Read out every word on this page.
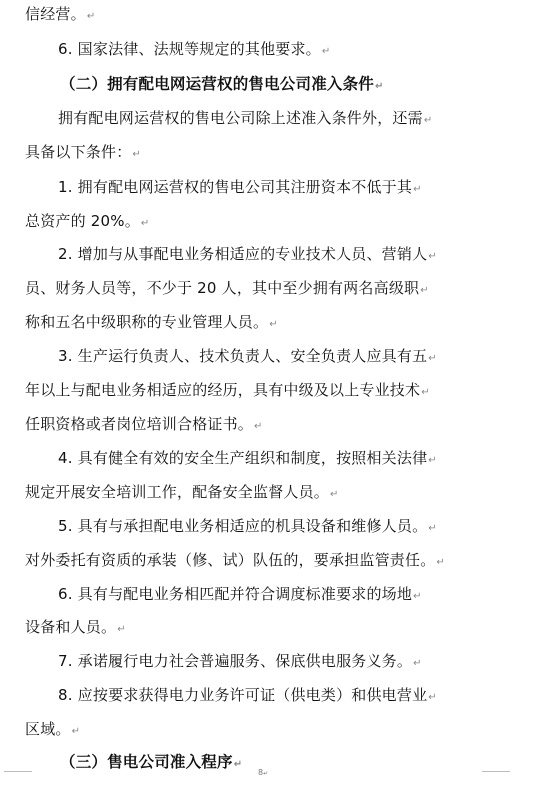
信经营。↵
6. 国家法律、法规等规定的其他要求。↵
（二）拥有配电网运营权的售电公司准入条件↵
拥有配电网运营权的售电公司除上述准入条件外，还需↵
具备以下条件：↵
1. 拥有配电网运营权的售电公司其注册资本不低于其↵
总资产的 20%。↵
2. 增加与从事配电业务相适应的专业技术人员、营销人↵
员、财务人员等，不少于 20 人，其中至少拥有两名高级职↵
称和五名中级职称的专业管理人员。↵
3. 生产运行负责人、技术负责人、安全负责人应具有五↵
年以上与配电业务相适应的经历，具有中级及以上专业技术↵
任职资格或者岗位培训合格证书。↵
4. 具有健全有效的安全生产组织和制度，按照相关法律↵
规定开展安全培训工作，配备安全监督人员。↵
5. 具有与承担配电业务相适应的机具设备和维修人员。↵
对外委托有资质的承装（修、试）队伍的，要承担监管责任。↵
6. 具有与配电业务相匹配并符合调度标准要求的场地↵
设备和人员。↵
7. 承诺履行电力社会普遍服务、保底供电服务义务。↵
8. 应按要求获得电力业务许可证（供电类）和供电营业↵
区域。↵
（三）售电公司准入程序↵
8↵
